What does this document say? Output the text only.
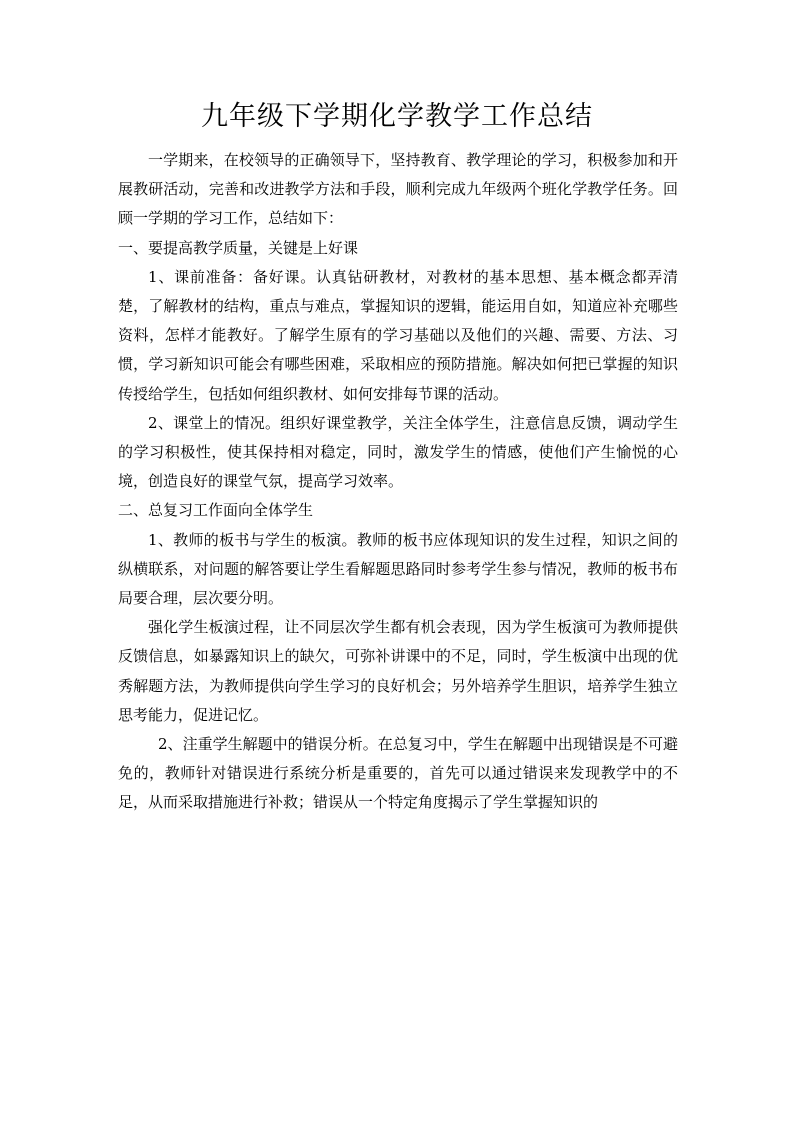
九年级下学期化学教学工作总结

一学期来，在校领导的正确领导下，坚持教育、教学理论的学习，积极参加和开展教研活动，完善和改进教学方法和手段，顺利完成九年级两个班化学教学任务。回顾一学期的学习工作，总结如下：

一、要提高教学质量，关键是上好课

1、课前准备：备好课。认真钻研教材，对教材的基本思想、基本概念都弄清楚，了解教材的结构，重点与难点，掌握知识的逻辑，能运用自如，知道应补充哪些资料，怎样才能教好。了解学生原有的学习基础以及他们的兴趣、需要、方法、习惯，学习新知识可能会有哪些困难，采取相应的预防措施。解决如何把已掌握的知识传授给学生，包括如何组织教材、如何安排每节课的活动。

2、课堂上的情况。组织好课堂教学，关注全体学生，注意信息反馈，调动学生的学习积极性，使其保持相对稳定，同时，激发学生的情感，使他们产生愉悦的心境，创造良好的课堂气氛，提高学习效率。

二、总复习工作面向全体学生

1、教师的板书与学生的板演。教师的板书应体现知识的发生过程，知识之间的纵横联系，对问题的解答要让学生看解题思路同时参考学生参与情况，教师的板书布局要合理，层次要分明。

强化学生板演过程，让不同层次学生都有机会表现，因为学生板演可为教师提供反馈信息，如暴露知识上的缺欠，可弥补讲课中的不足，同时，学生板演中出现的优秀解题方法，为教师提供向学生学习的良好机会；另外培养学生胆识，培养学生独立思考能力，促进记忆。

2、注重学生解题中的错误分析。在总复习中，学生在解题中出现错误是不可避免的，教师针对错误进行系统分析是重要的，首先可以通过错误来发现教学中的不足，从而采取措施进行补救；错误从一个特定角度揭示了学生掌握知识的
